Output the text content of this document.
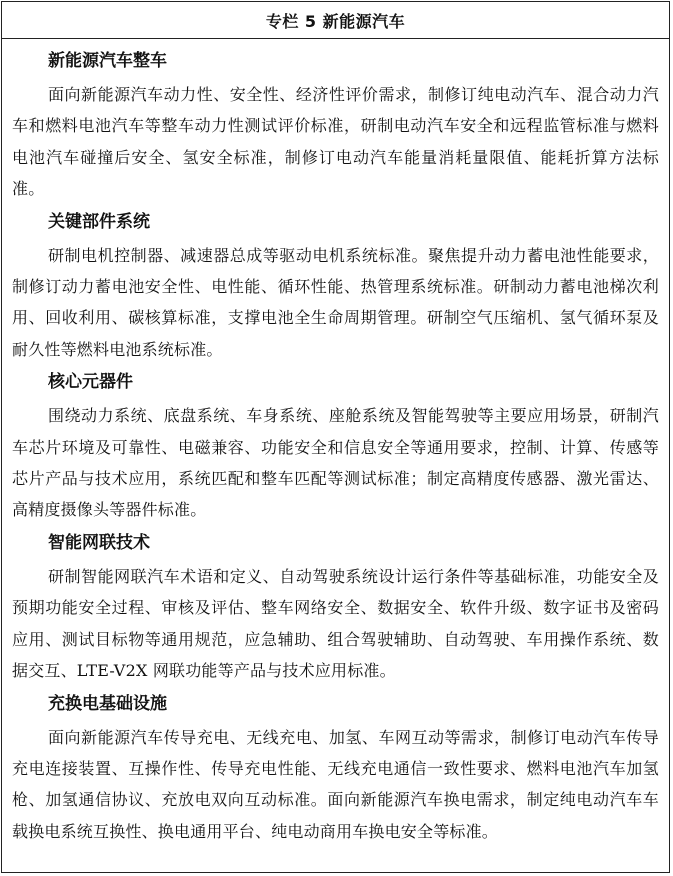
专栏 5 新能源汽车
新能源汽车整车

面向新能源汽车动力性、安全性、经济性评价需求，制修订纯电动汽车、混合动力汽车和燃料电池汽车等整车动力性测试评价标准，研制电动汽车安全和远程监管标准与燃料电池汽车碰撞后安全、氢安全标准，制修订电动汽车能量消耗量限值、能耗折算方法标准。

关键部件系统

研制电机控制器、减速器总成等驱动电机系统标准。聚焦提升动力蓄电池性能要求，制修订动力蓄电池安全性、电性能、循环性能、热管理系统标准。研制动力蓄电池梯次利用、回收利用、碳核算标准，支撑电池全生命周期管理。研制空气压缩机、氢气循环泵及耐久性等燃料电池系统标准。

核心元器件

围绕动力系统、底盘系统、车身系统、座舱系统及智能驾驶等主要应用场景，研制汽车芯片环境及可靠性、电磁兼容、功能安全和信息安全等通用要求，控制、计算、传感等芯片产品与技术应用，系统匹配和整车匹配等测试标准；制定高精度传感器、激光雷达、高精度摄像头等器件标准。

智能网联技术

研制智能网联汽车术语和定义、自动驾驶系统设计运行条件等基础标准，功能安全及预期功能安全过程、审核及评估、整车网络安全、数据安全、软件升级、数字证书及密码应用、测试目标物等通用规范，应急辅助、组合驾驶辅助、自动驾驶、车用操作系统、数据交互、LTE-V2X 网联功能等产品与技术应用标准。

充换电基础设施

面向新能源汽车传导充电、无线充电、加氢、车网互动等需求，制修订电动汽车传导充电连接装置、互操作性、传导充电性能、无线充电通信一致性要求、燃料电池汽车加氢枪、加氢通信协议、充放电双向互动标准。面向新能源汽车换电需求，制定纯电动汽车车载换电系统互换性、换电通用平台、纯电动商用车换电安全等标准。
